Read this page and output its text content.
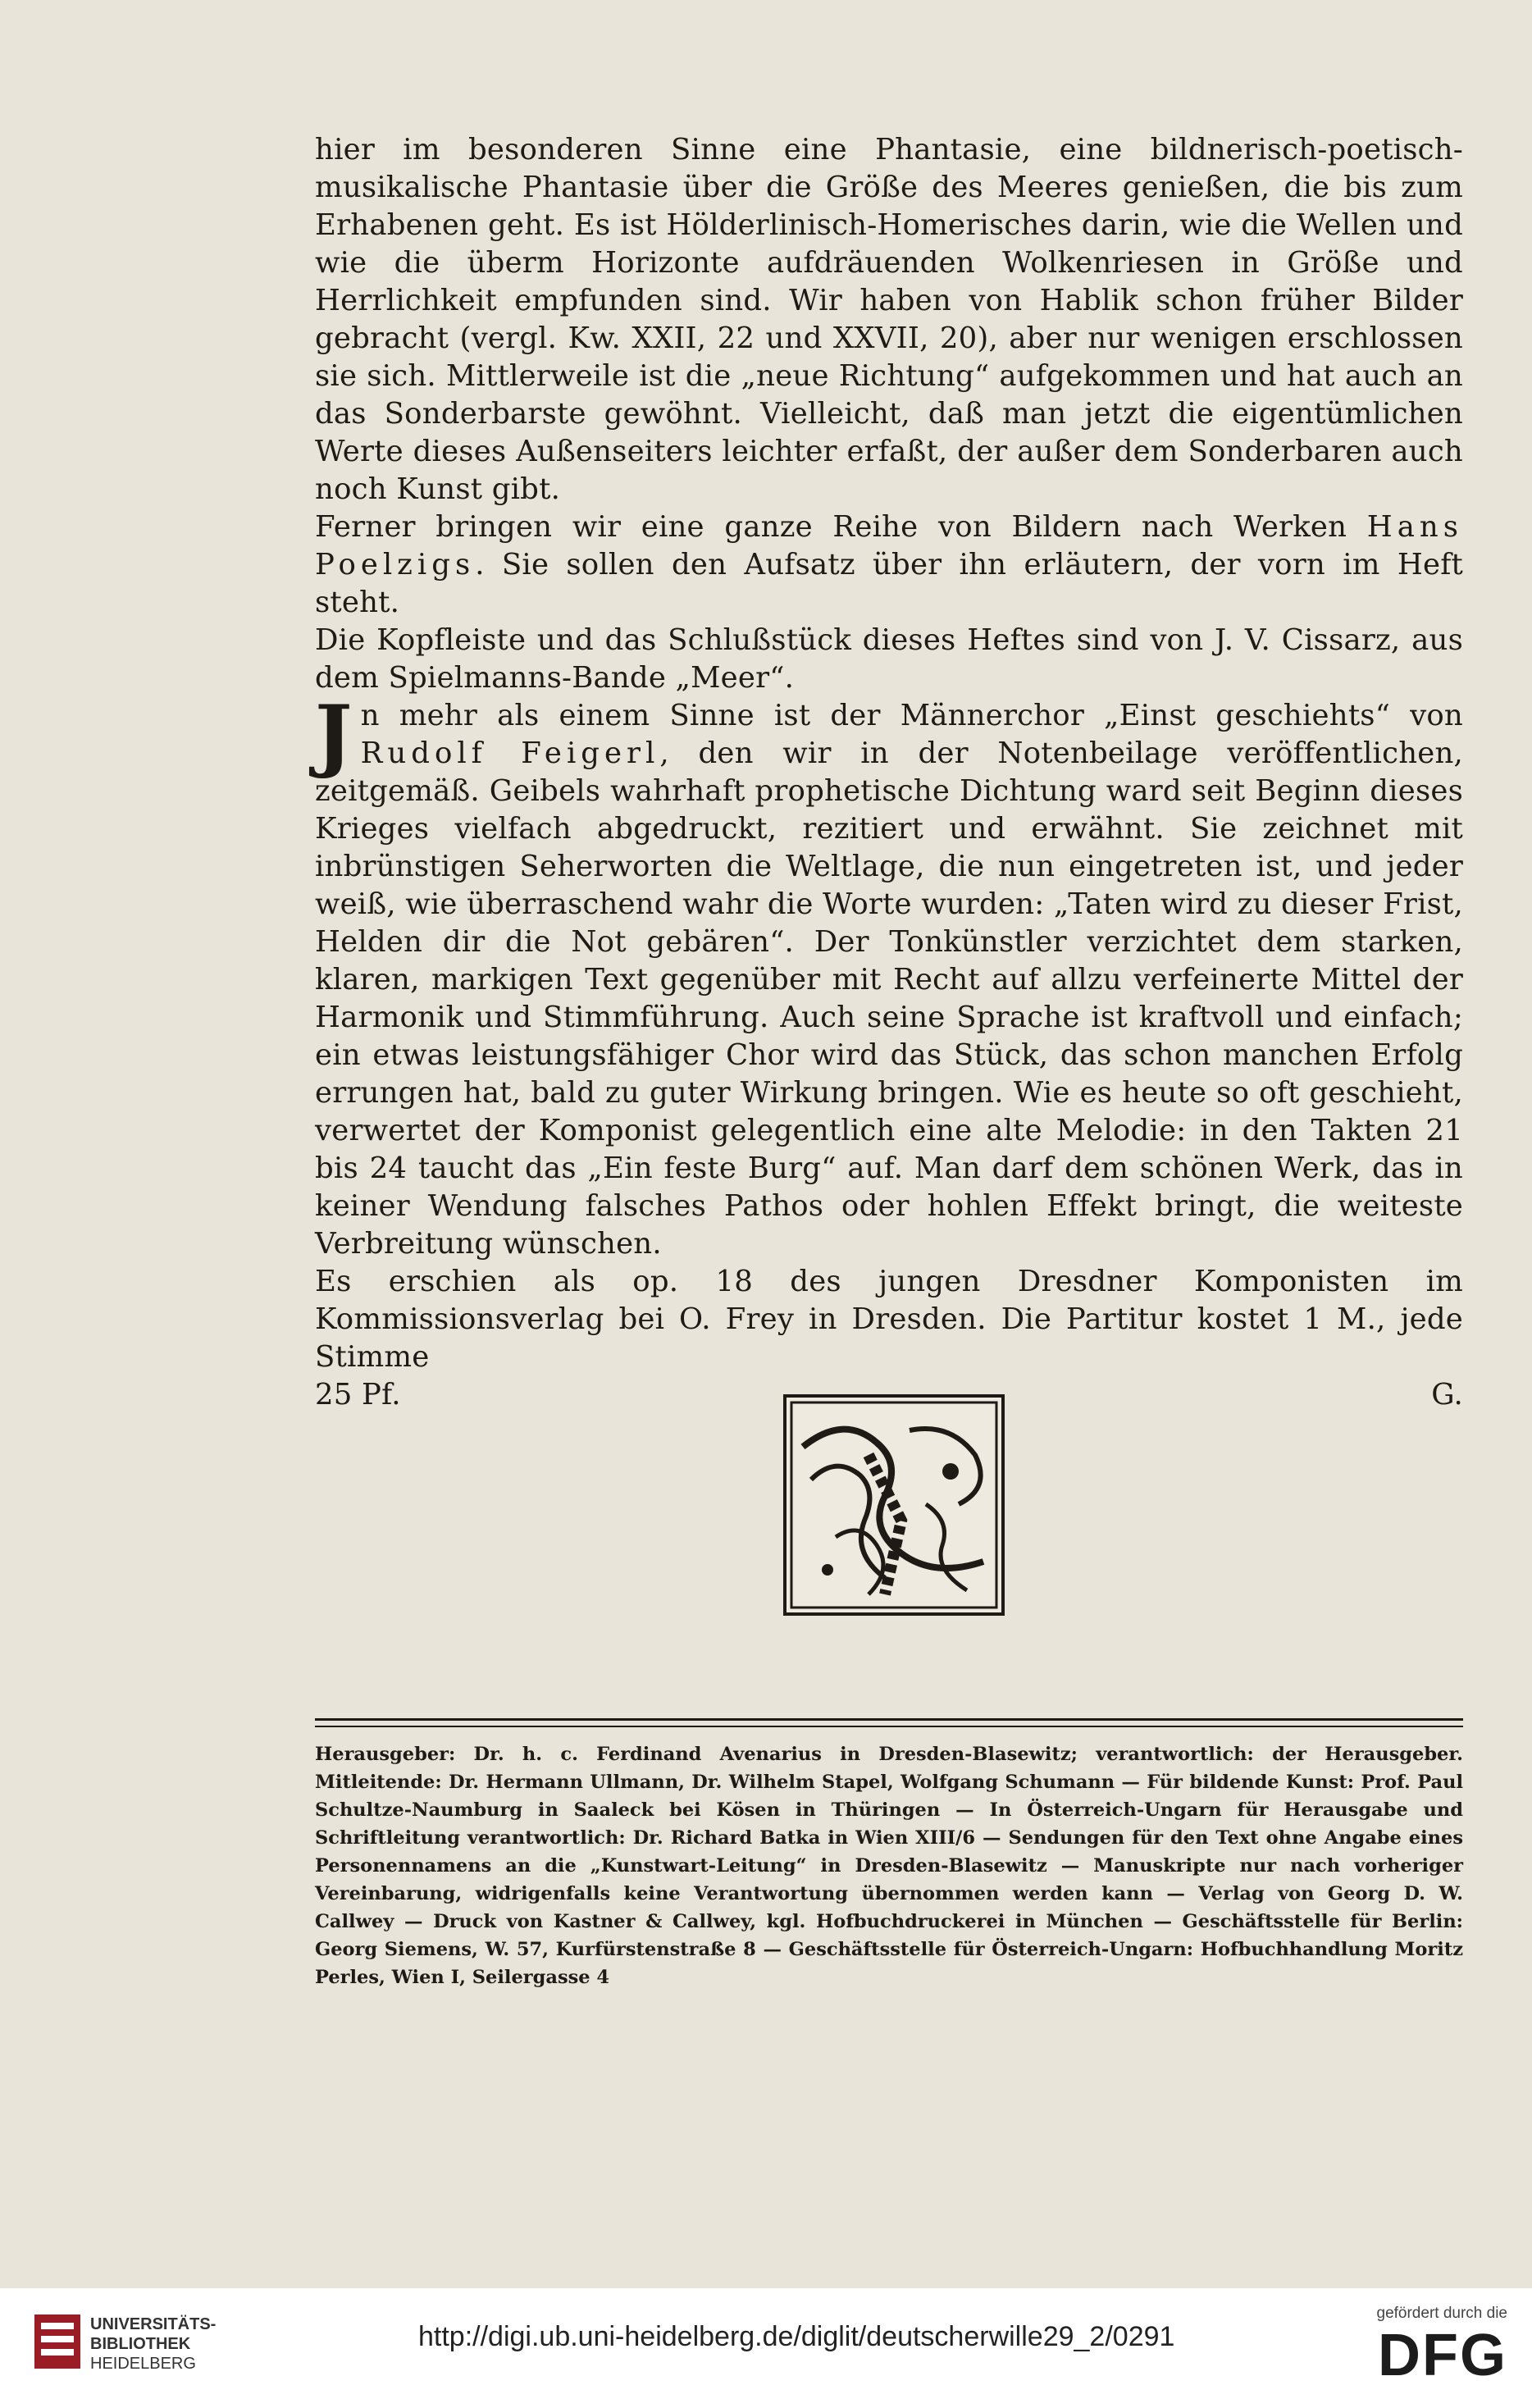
hier im besonderen Sinne eine Phantasie, eine bildnerisch-poetisch-musikalische Phantasie über die Größe des Meeres genießen, die bis zum Erhabenen geht. Es ist Hölderlinisch-Homerisches darin, wie die Wellen und wie die überm Horizonte aufdräuenden Wolkenriesen in Größe und Herrlichkeit empfunden sind. Wir haben von Hablik schon früher Bilder gebracht (vergl. Kw. XXII, 22 und XXVII, 20), aber nur wenigen erschlossen sie sich. Mittlerweile ist die „neue Richtung“ aufgekommen und hat auch an das Sonderbarste gewöhnt. Vielleicht, daß man jetzt die eigentümlichen Werte dieses Außenseiters leichter erfaßt, der außer dem Sonderbaren auch noch Kunst gibt.

Ferner bringen wir eine ganze Reihe von Bildern nach Werken Hans Poelzigs. Sie sollen den Aufsatz über ihn erläutern, der vorn im Heft steht.

Die Kopfleiste und das Schlußstück dieses Heftes sind von J. V. Cissarz, aus dem Spielmanns-Bande „Meer“.

Jn mehr als einem Sinne ist der Männerchor „Einst geschiehts“ von Rudolf Feigerl, den wir in der Notenbeilage veröffentlichen, zeitgemäß. Geibels wahrhaft prophetische Dichtung ward seit Beginn dieses Krieges vielfach abgedruckt, rezitiert und erwähnt. Sie zeichnet mit inbrünstigen Seherworten die Weltlage, die nun eingetreten ist, und jeder weiß, wie überraschend wahr die Worte wurden: „Taten wird zu dieser Frist, Helden dir die Not gebären“. Der Tonkünstler verzichtet dem starken, klaren, markigen Text gegenüber mit Recht auf allzu verfeinerte Mittel der Harmonik und Stimmführung. Auch seine Sprache ist kraftvoll und einfach; ein etwas leistungsfähiger Chor wird das Stück, das schon manchen Erfolg errungen hat, bald zu guter Wirkung bringen. Wie es heute so oft geschieht, verwertet der Komponist gelegentlich eine alte Melodie: in den Takten 21 bis 24 taucht das „Ein feste Burg“ auf. Man darf dem schönen Werk, das in keiner Wendung falsches Pathos oder hohlen Effekt bringt, die weiteste Verbreitung wünschen.

Es erschien als op. 18 des jungen Dresdner Komponisten im Kommissionsverlag bei O. Frey in Dresden. Die Partitur kostet 1 M., jede Stimme

25 Pf.	G.
Herausgeber: Dr. h. c. Ferdinand Avenarius in Dresden-Blasewitz; verantwortlich: der Herausgeber. Mitleitende: Dr. Hermann Ullmann, Dr. Wilhelm Stapel, Wolfgang Schumann — Für bildende Kunst: Prof. Paul Schultze-Naumburg in Saaleck bei Kösen in Thüringen — In Österreich-Ungarn für Herausgabe und Schriftleitung verantwortlich: Dr. Richard Batka in Wien XIII/6 — Sendungen für den Text ohne Angabe eines Personennamens an die „Kunstwart-Leitung“ in Dresden-Blasewitz — Manuskripte nur nach vorheriger Vereinbarung, widrigenfalls keine Verantwortung übernommen werden kann — Verlag von Georg D. W. Callwey — Druck von Kastner & Callwey, kgl. Hofbuchdruckerei in München — Geschäftsstelle für Berlin: Georg Siemens, W. 57, Kurfürstenstraße 8 — Geschäftsstelle für Österreich-Ungarn: Hofbuchhandlung Moritz Perles, Wien I, Seilergasse 4
UNIVERSITÄTS-
BIBLIOTHEK
HEIDELBERG
http://digi.ub.uni-heidelberg.de/diglit/deutscherwille29_2/0291
gefördert durch die
DFG
